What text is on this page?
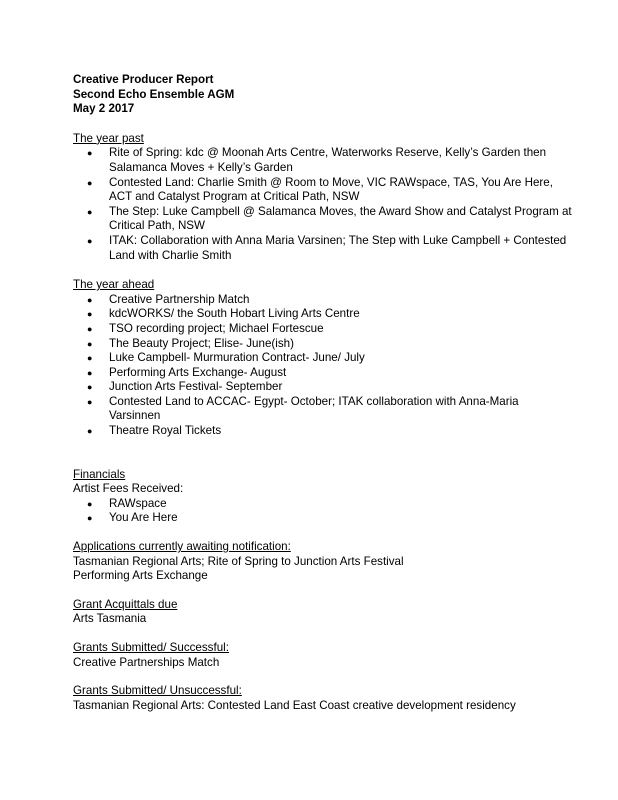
Creative Producer Report
Second Echo Ensemble AGM
May 2 2017
The year past
● Rite of Spring: kdc @ Moonah Arts Centre, Waterworks Reserve, Kelly’s Garden then Salamanca Moves + Kelly’s Garden
● Contested Land: Charlie Smith @ Room to Move, VIC RAWspace, TAS, You Are Here, ACT and Catalyst Program at Critical Path, NSW
● The Step: Luke Campbell @ Salamanca Moves, the Award Show and Catalyst Program at Critical Path, NSW
● ITAK: Collaboration with Anna Maria Varsinen; The Step with Luke Campbell + Contested Land with Charlie Smith
The year ahead
● Creative Partnership Match
● kdcWORKS/ the South Hobart Living Arts Centre
● TSO recording project; Michael Fortescue
● The Beauty Project; Elise- June(ish)
● Luke Campbell- Murmuration Contract- June/ July
● Performing Arts Exchange- August
● Junction Arts Festival- September
● Contested Land to ACCAC- Egypt- October; ITAK collaboration with Anna-Maria Varsinnen
● Theatre Royal Tickets
Financials
Artist Fees Received:
● RAWspace
● You Are Here
Applications currently awaiting notification:
Tasmanian Regional Arts; Rite of Spring to Junction Arts Festival
Performing Arts Exchange
Grant Acquittals due
Arts Tasmania
Grants Submitted/ Successful:
Creative Partnerships Match
Grants Submitted/ Unsuccessful:
Tasmanian Regional Arts: Contested Land East Coast creative development residency
